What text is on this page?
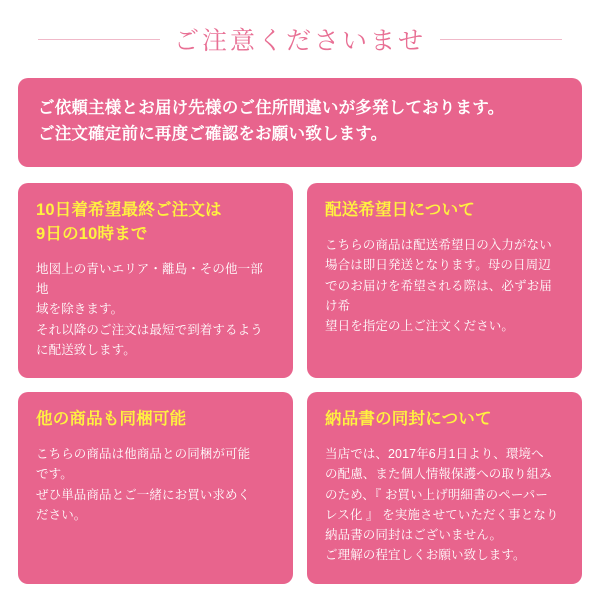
ご注意くださいませ
ご依頼主様とお届け先様のご住所間違いが多発しております。
ご注文確定前に再度ご確認をお願い致します。
10日着希望最終ご注文は
9日の10時まで
地図上の青いエリア・離島・その他一部地
域を除きます。
それ以降のご注文は最短で到着するよう
に配送致します。
配送希望日について
こちらの商品は配送希望日の入力がない
場合は即日発送となります。母の日周辺
でのお届けを希望される際は、必ずお届け希
望日を指定の上ご注文ください。
他の商品も同梱可能
こちらの商品は他商品との同梱が可能
です。
ぜひ単品商品とご一緒にお買い求めく
ださい。
納品書の同封について
当店では、2017年6月1日より、環境へ
の配慮、また個人情報保護への取り組み
のため、『 お買い上げ明細書のペーパー
レス化 』 を実施させていただく事となり
納品書の同封はございません。
ご理解の程宜しくお願い致します。
